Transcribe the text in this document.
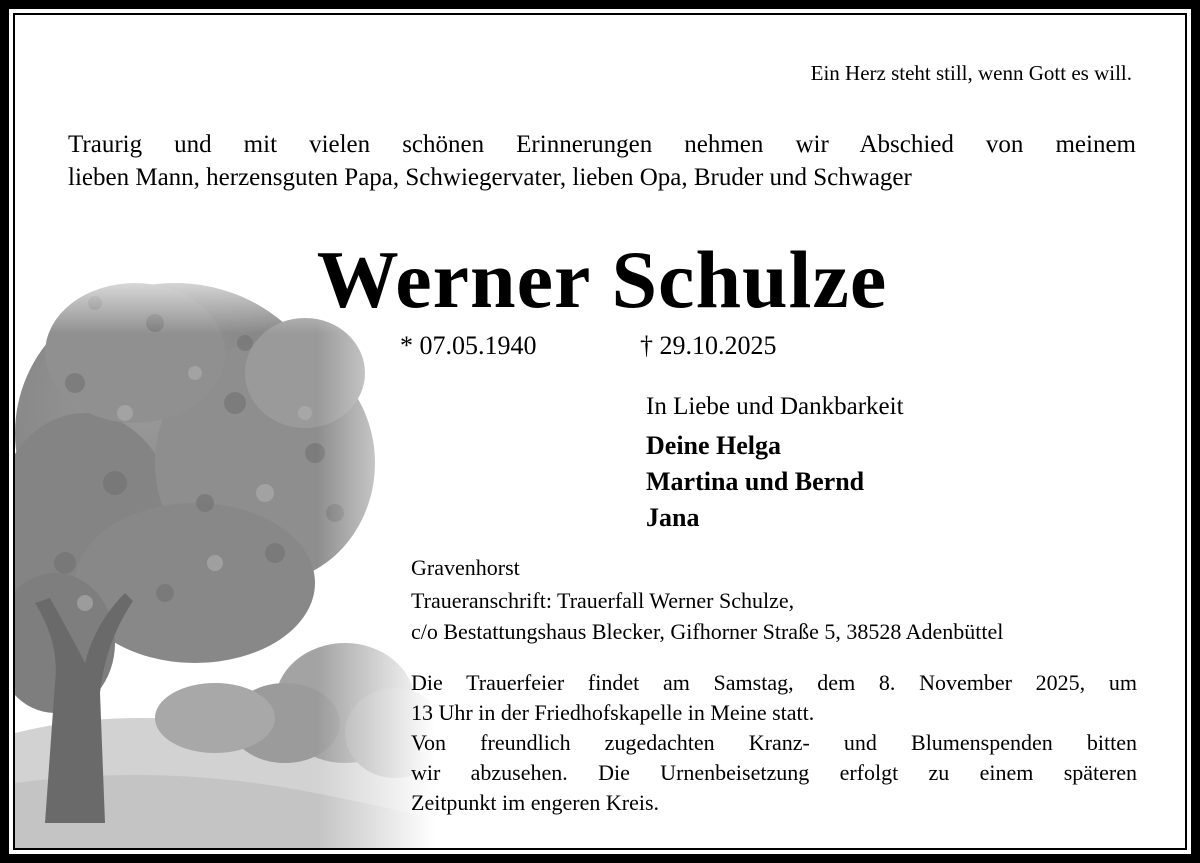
Ein Herz steht still, wenn Gott es will.
Traurig und mit vielen schönen Erinnerungen nehmen wir Abschied von meinem
lieben Mann, herzensguten Papa, Schwiegervater, lieben Opa, Bruder und Schwager
Werner Schulze
* 07.05.1940	† 29.10.2025
In Liebe und Dankbarkeit
Deine Helga
Martina und Bernd
Jana
Gravenhorst
Traueranschrift: Trauerfall Werner Schulze,
c/o Bestattungshaus Blecker, Gifhorner Straße 5, 38528 Adenbüttel
Die Trauerfeier findet am Samstag, dem 8. November 2025, um
13 Uhr in der Friedhofskapelle in Meine statt.
Von freundlich zugedachten Kranz- und Blumenspenden bitten
wir abzusehen. Die Urnenbeisetzung erfolgt zu einem späteren
Zeitpunkt im engeren Kreis.
